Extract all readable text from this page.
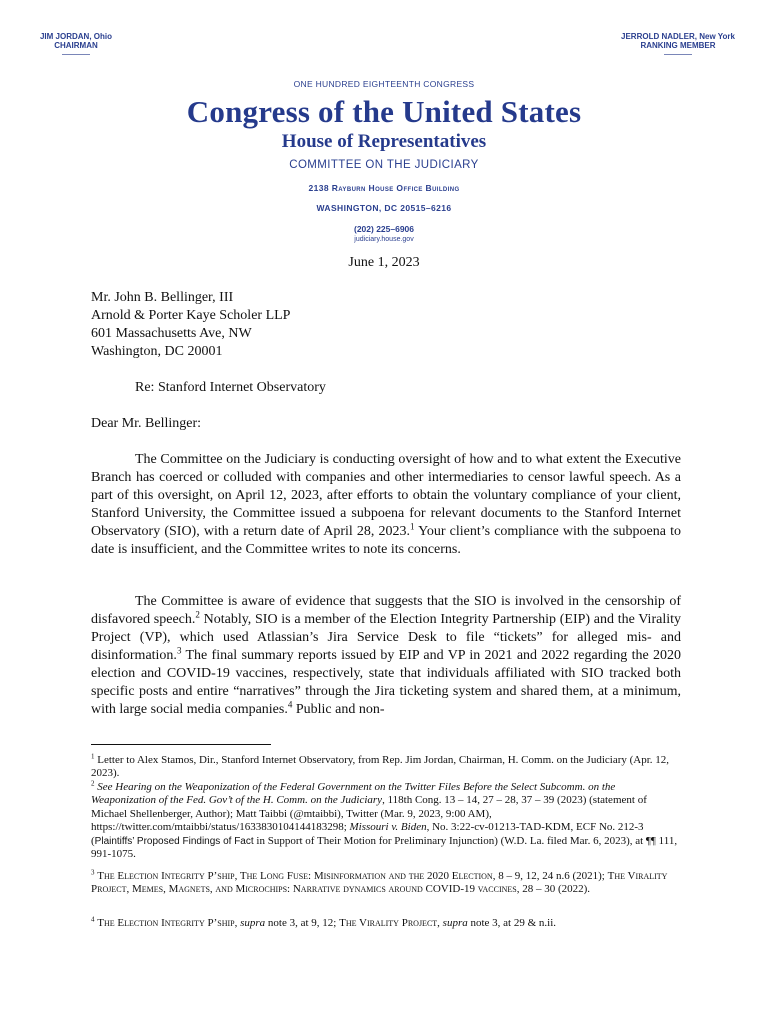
JIM JORDAN, Ohio
CHAIRMAN
JERROLD NADLER, New York
RANKING MEMBER
ONE HUNDRED EIGHTEENTH CONGRESS
Congress of the United States
House of Representatives
COMMITTEE ON THE JUDICIARY
2138 Rayburn House Office Building
WASHINGTON, DC 20515–6216
(202) 225–6906
judiciary.house.gov
June 1, 2023
Mr. John B. Bellinger, III
Arnold & Porter Kaye Scholer LLP
601 Massachusetts Ave, NW
Washington, DC 20001
Re: Stanford Internet Observatory
Dear Mr. Bellinger:
The Committee on the Judiciary is conducting oversight of how and to what extent the Executive Branch has coerced or colluded with companies and other intermediaries to censor lawful speech. As a part of this oversight, on April 12, 2023, after efforts to obtain the voluntary compliance of your client, Stanford University, the Committee issued a subpoena for relevant documents to the Stanford Internet Observatory (SIO), with a return date of April 28, 2023.$^1$ Your client’s compliance with the subpoena to date is insufficient, and the Committee writes to note its concerns.
The Committee is aware of evidence that suggests that the SIO is involved in the censorship of disfavored speech.$^2$ Notably, SIO is a member of the Election Integrity Partnership (EIP) and the Virality Project (VP), which used Atlassian’s Jira Service Desk to file “tickets” for alleged mis- and disinformation.$^3$ The final summary reports issued by EIP and VP in 2021 and 2022 regarding the 2020 election and COVID-19 vaccines, respectively, state that individuals affiliated with SIO tracked both specific posts and entire “narratives” through the Jira ticketing system and shared them, at a minimum, with large social media companies.$^4$ Public and non-
$^1$ Letter to Alex Stamos, Dir., Stanford Internet Observatory, from Rep. Jim Jordan, Chairman, H. Comm. on the Judiciary (Apr. 12, 2023).
$^2$ See Hearing on the Weaponization of the Federal Government on the Twitter Files Before the Select Subcomm. on the Weaponization of the Fed. Gov’t of the H. Comm. on the Judiciary, 118th Cong. 13 – 14, 27 – 28, 37 – 39 (2023) (statement of Michael Shellenberger, Author); Matt Taibbi (@mtaibbi), Twitter (Mar. 9, 2023, 9:00 AM), https://twitter.com/mtaibbi/status/1633830104144183298; Missouri v. Biden, No. 3:22-cv-01213-TAD-KDM, ECF No. 212-3 (Plaintiffs’ Proposed Findings of Fact in Support of Their Motion for Preliminary Injunction) (W.D. La. filed Mar. 6, 2023), at ¶¶ 111, 991-1075.
$^3$ The Election Integrity P’ship, The Long Fuse: Misinformation and the 2020 Election, 8 – 9, 12, 24 n.6 (2021); The Virality Project, Memes, Magnets, and Microchips: Narrative dynamics around COVID-19 vaccines, 28 – 30 (2022).
$^4$ The Election Integrity P’ship, supra note 3, at 9, 12; The Virality Project, supra note 3, at 29 & n.ii.
